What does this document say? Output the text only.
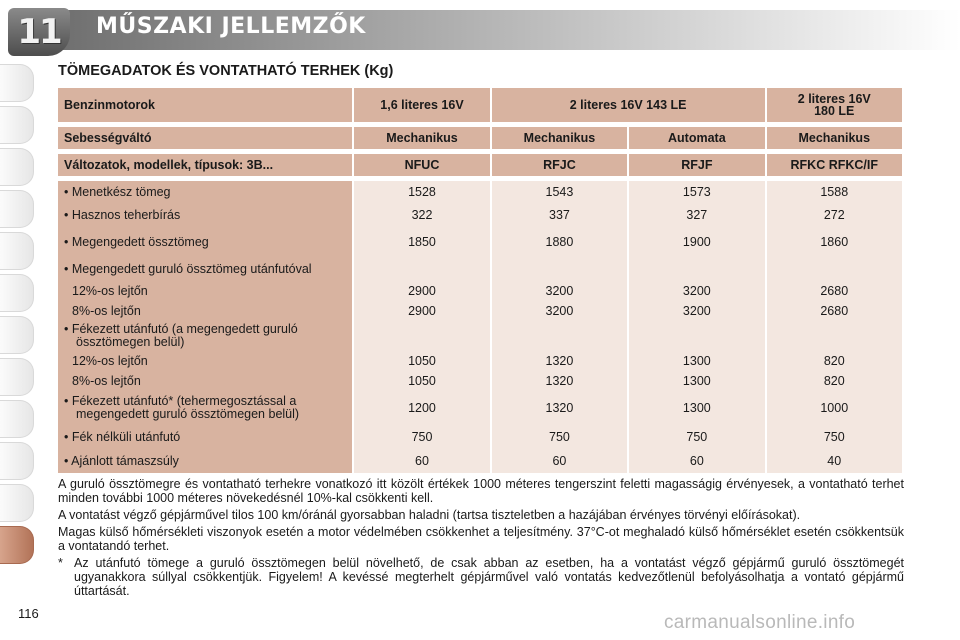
11 MŰSZAKI JELLEMZŐK
TÖMEGADATOK ÉS VONTATHATÓ TERHEK (Kg)
Benzinmotorok	1,6 literes 16V	2 literes 16V 143 LE		2 literes 16V
180 LE

Sebességváltó	Mechanikus	Mechanikus	Automata	Mechanikus

Változatok, modellek, típusok: 3B...	NFUC	RFJC	RFJF	RFKC RFKC/IF

• Menetkész tömeg	1528	1543	1573	1588
• Hasznos teherbírás	322	337	327	272
• Megengedett össztömeg	1850	1880	1900	1860
• Megengedett guruló össztömeg utánfutóval				
12%-os lejtőn	2900	3200	3200	2680
8%-os lejtőn	2900	3200	3200	2680
• Fékezett utánfutó (a megengedett guruló
össztömegen belül)				

12%-os lejtőn	1050	1320	1300	820
8%-os lejtőn	1050	1320	1300	820
• Fékezett utánfutó* (tehermegosztással a
megengedett guruló össztömegen belül)	1200	1320	1300	1000
• Fék nélküli utánfutó	750	750	750	750
• Ajánlott támaszsúly	60	60	60	40

A guruló össztömegre és vontatható terhekre vonatkozó itt közölt értékek 1000 méteres tengerszint feletti magasságig érvényesek, a vontatható terhet minden további 1000 méteres növekedésnél 10%-kal csökkenti kell.

A vontatást végző gépjárművel tilos 100 km/óránál gyorsabban haladni (tartsa tiszteletben a hazájában érvényes törvényi előírásokat).

Magas külső hőmérsékleti viszonyok esetén a motor védelmében csökkenhet a teljesítmény. 37°C-ot meghaladó külső hőmérséklet esetén csökkentsük a vontatandó terhet.

* Az utánfutó tömege a guruló össztömegen belül növelhető, de csak abban az esetben, ha a vontatást végző gépjármű guruló össztömegét ugyanakkora súllyal csökkentjük. Figyelem! A kevéssé megterhelt gépjárművel való vontatás kedvezőtlenül befolyásolhatja a vontató gépjármű úttartását.
116	carmanualsonline.info
